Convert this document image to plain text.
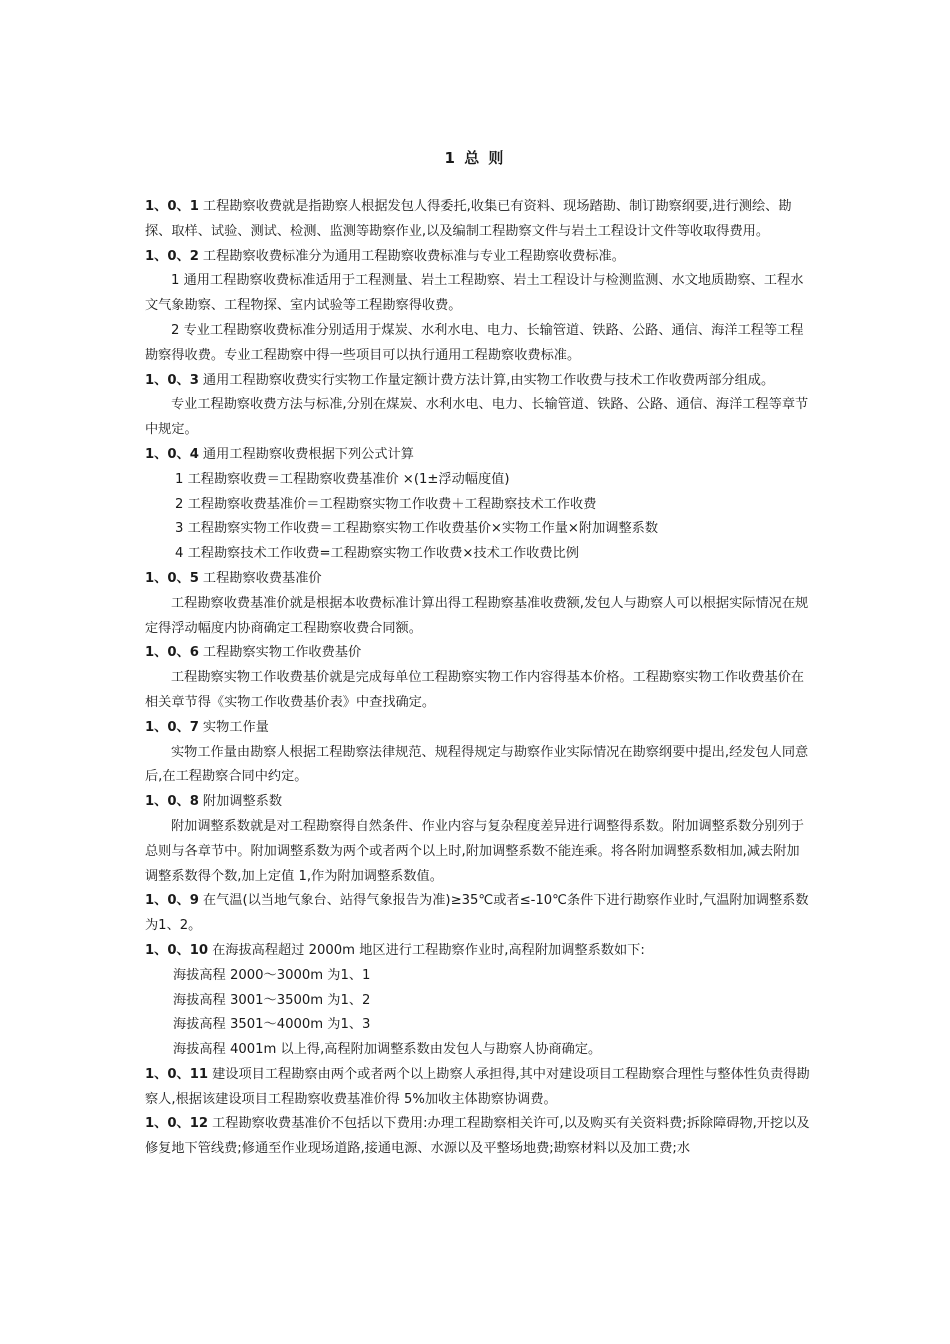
1 总 则

1、0、1 工程勘察收费就是指勘察人根据发包人得委托,收集已有资料、现场踏勘、制订勘察纲要,进行测绘、勘探、取样、试验、测试、检测、监测等勘察作业,以及编制工程勘察文件与岩土工程设计文件等收取得费用。

1、0、2 工程勘察收费标准分为通用工程勘察收费标准与专业工程勘察收费标准。

1 通用工程勘察收费标准适用于工程测量、岩土工程勘察、岩土工程设计与检测监测、水文地质勘察、工程水文气象勘察、工程物探、室内试验等工程勘察得收费。

2 专业工程勘察收费标准分别适用于煤炭、水利水电、电力、长输管道、铁路、公路、通信、海洋工程等工程勘察得收费。专业工程勘察中得一些项目可以执行通用工程勘察收费标准。

1、0、3 通用工程勘察收费实行实物工作量定额计费方法计算,由实物工作收费与技术工作收费两部分组成。

专业工程勘察收费方法与标准,分别在煤炭、水利水电、电力、长输管道、铁路、公路、通信、海洋工程等章节中规定。

1、0、4 通用工程勘察收费根据下列公式计算

1 工程勘察收费＝工程勘察收费基准价 ×(1±浮动幅度值)

2 工程勘察收费基准价＝工程勘察实物工作收费＋工程勘察技术工作收费

3 工程勘察实物工作收费＝工程勘察实物工作收费基价×实物工作量×附加调整系数

4 工程勘察技术工作收费=工程勘察实物工作收费×技术工作收费比例

1、0、5 工程勘察收费基准价

工程勘察收费基准价就是根据本收费标准计算出得工程勘察基准收费额,发包人与勘察人可以根据实际情况在规定得浮动幅度内协商确定工程勘察收费合同额。

1、0、6 工程勘察实物工作收费基价

工程勘察实物工作收费基价就是完成每单位工程勘察实物工作内容得基本价格。工程勘察实物工作收费基价在相关章节得《实物工作收费基价表》中查找确定。

1、0、7 实物工作量

实物工作量由勘察人根据工程勘察法律规范、规程得规定与勘察作业实际情况在勘察纲要中提出,经发包人同意后,在工程勘察合同中约定。

1、0、8 附加调整系数

附加调整系数就是对工程勘察得自然条件、作业内容与复杂程度差异进行调整得系数。附加调整系数分别列于总则与各章节中。附加调整系数为两个或者两个以上时,附加调整系数不能连乘。将各附加调整系数相加,减去附加调整系数得个数,加上定值 1,作为附加调整系数值。

1、0、9 在气温(以当地气象台、站得气象报告为准)≥35℃或者≤-10℃条件下进行勘察作业时,气温附加调整系数为1、2。

1、0、10 在海拔高程超过 2000m 地区进行工程勘察作业时,高程附加调整系数如下:

海拔高程 2000～3000m 为1、1

海拔高程 3001～3500m 为1、2

海拔高程 3501～4000m 为1、3

海拔高程 4001m 以上得,高程附加调整系数由发包人与勘察人协商确定。

1、0、11 建设项目工程勘察由两个或者两个以上勘察人承担得,其中对建设项目工程勘察合理性与整体性负责得勘察人,根据该建设项目工程勘察收费基准价得 5%加收主体勘察协调费。

1、0、12 工程勘察收费基准价不包括以下费用:办理工程勘察相关许可,以及购买有关资料费;拆除障碍物,开挖以及修复地下管线费;修通至作业现场道路,接通电源、水源以及平整场地费;勘察材料以及加工费;水
